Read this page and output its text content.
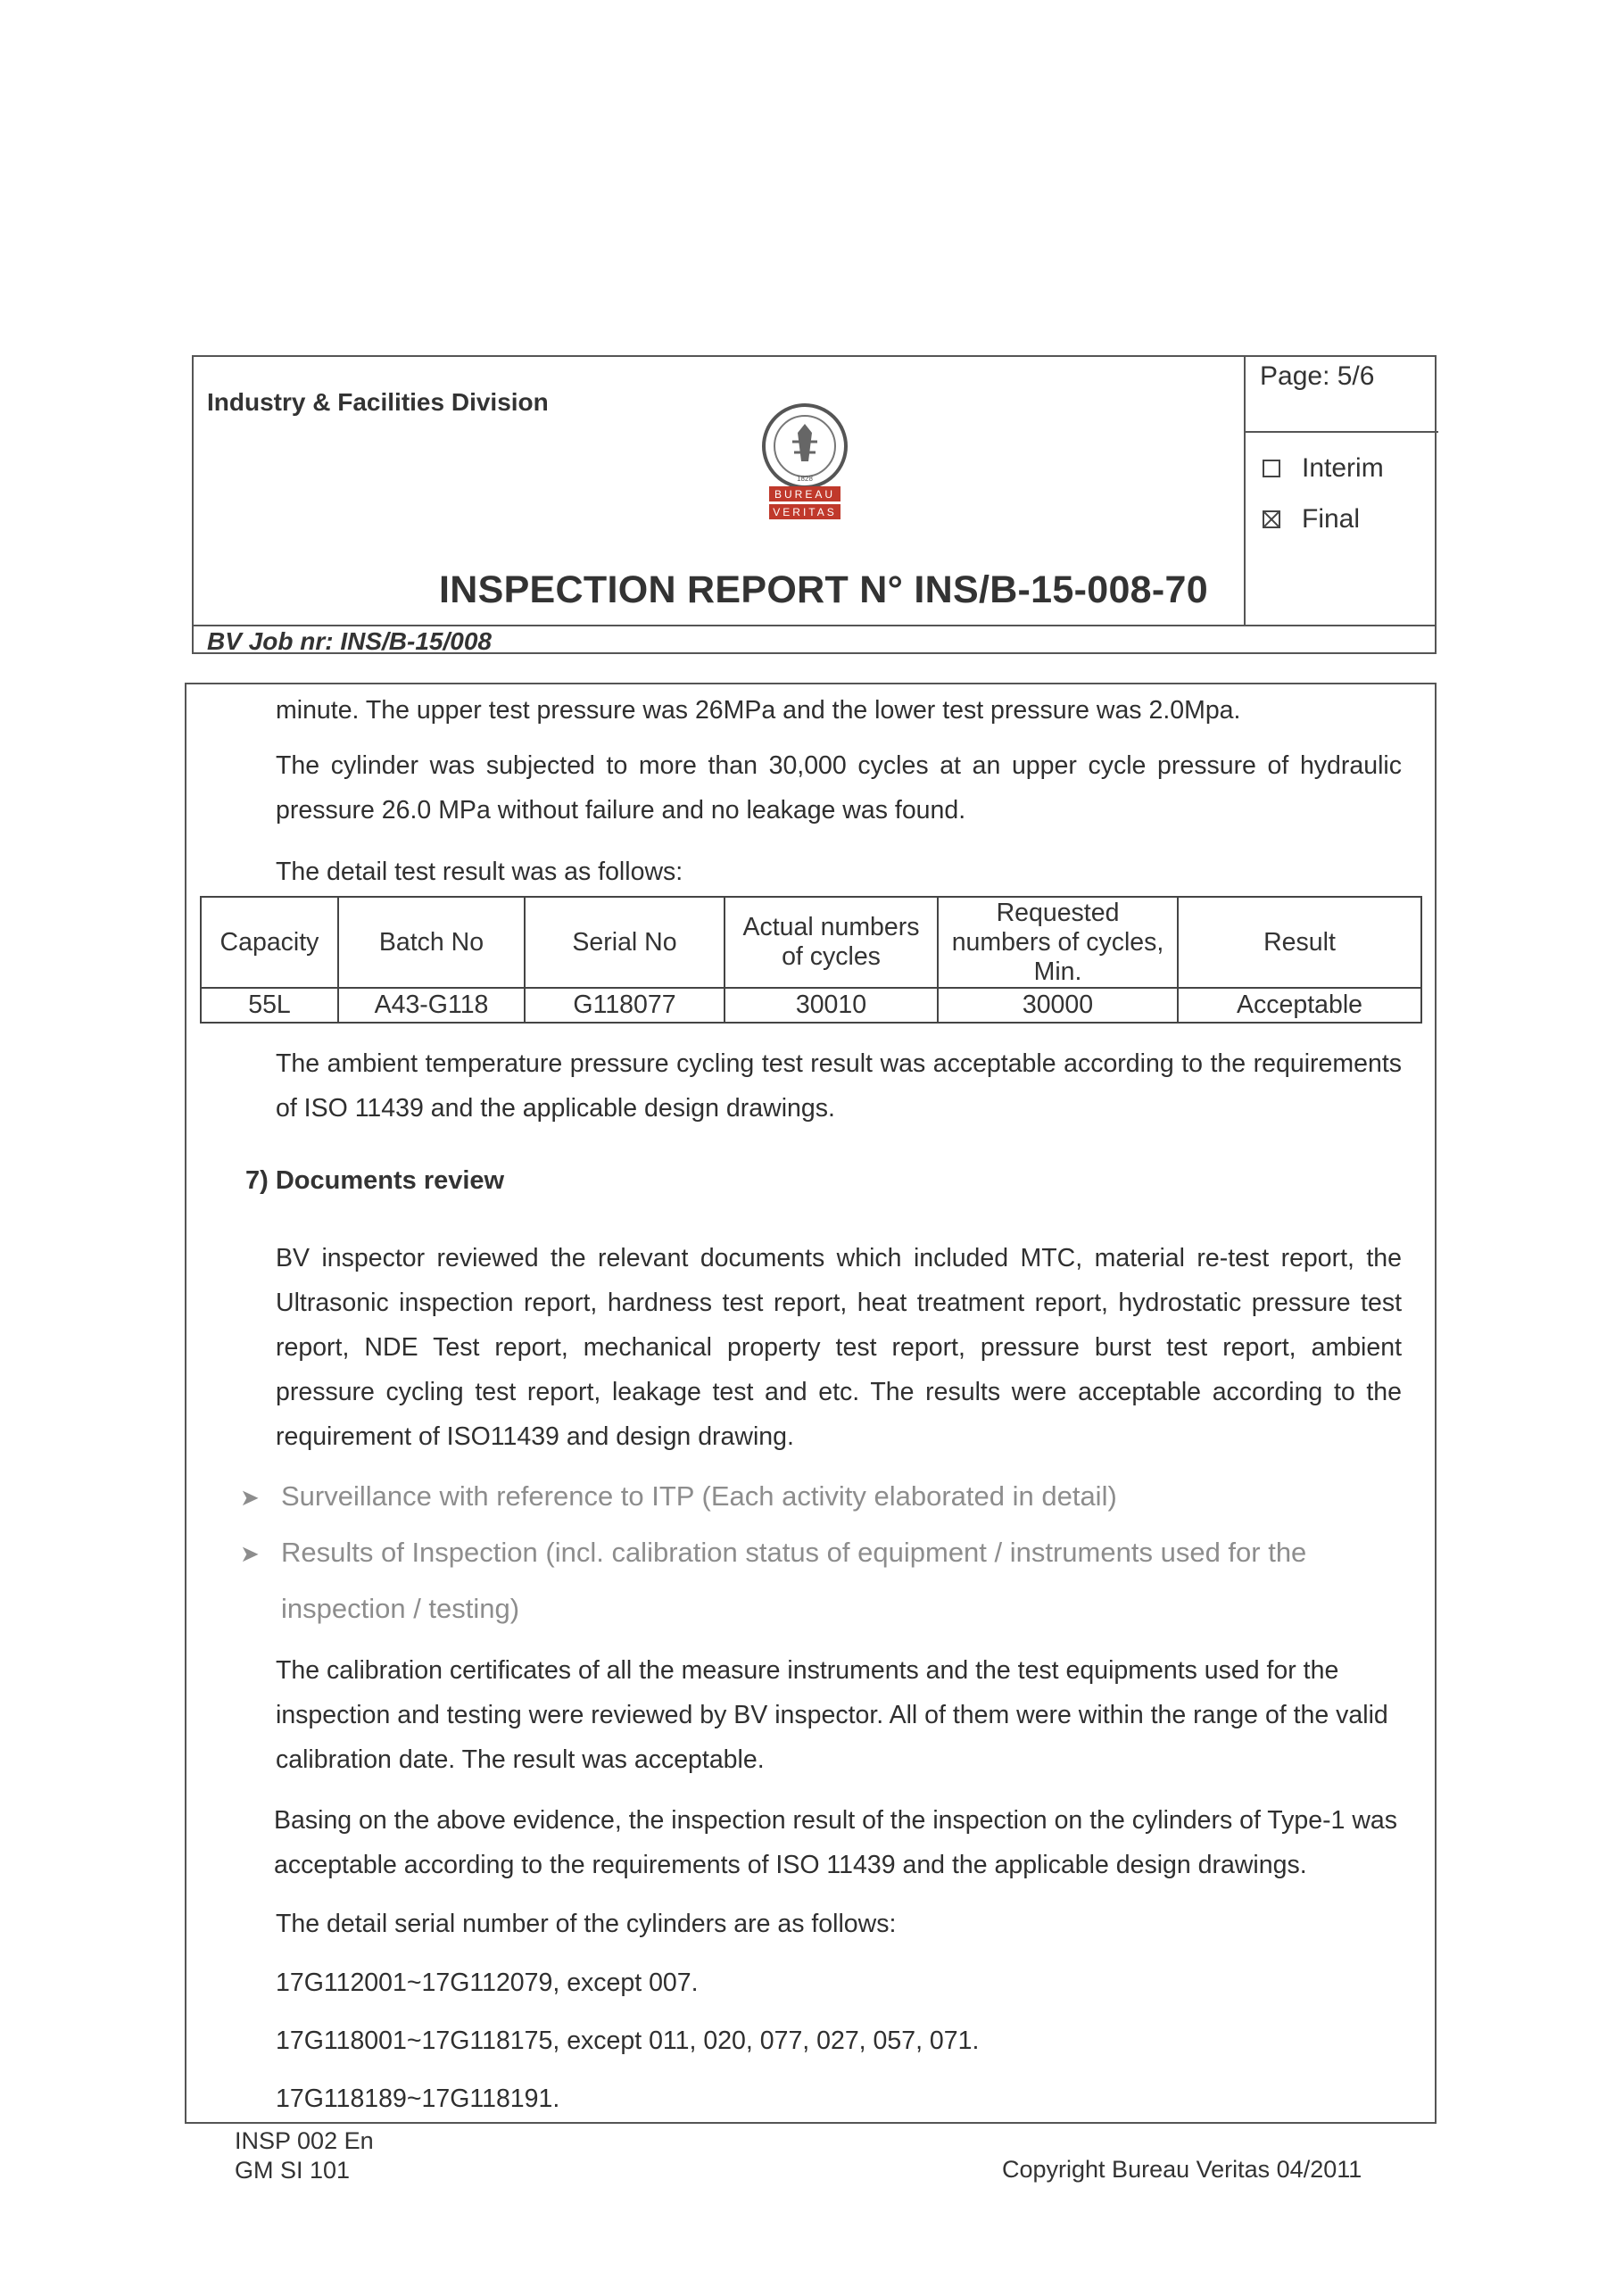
Industry & Facilities Division
BUREAU
VERITAS
1828
Page: 5/6
Interim
Final
INSPECTION REPORT N° INS/B-15-008-70
BV Job nr: INS/B-15/008

minute. The upper test pressure was 26MPa and the lower test pressure was 2.0Mpa.

The cylinder was subjected to more than 30,000 cycles at an upper cycle pressure of hydraulic pressure 26.0 MPa without failure and no leakage was found.

The detail test result was as follows:

Capacity	Batch No	Serial No	Actual numbers of cycles	Requested numbers of cycles, Min.	Result
55L	A43-G118	G118077	30010	30000	Acceptable

The ambient temperature pressure cycling test result was acceptable according to the requirements of ISO 11439 and the applicable design drawings.

7) Documents review

BV inspector reviewed the relevant documents which included MTC, material re-test report, the Ultrasonic inspection report, hardness test report, heat treatment report, hydrostatic pressure test report, NDE Test report, mechanical property test report, pressure burst test report, ambient pressure cycling test report, leakage test and etc. The results were acceptable according to the requirement of ISO11439 and design drawing.

➤ Surveillance with reference to ITP (Each activity elaborated in detail)
➤ Results of Inspection (incl. calibration status of equipment / instruments used for the
inspection / testing)

The calibration certificates of all the measure instruments and the test equipments used for the inspection and testing were reviewed by BV inspector. All of them were within the range of the valid calibration date. The result was acceptable.

Basing on the above evidence, the inspection result of the inspection on the cylinders of Type-1 was acceptable according to the requirements of ISO 11439 and the applicable design drawings.

The detail serial number of the cylinders are as follows:

17G112001~17G112079, except 007.

17G118001~17G118175, except 011, 020, 077, 027, 057, 071.

17G118189~17G118191.

INSP 002 En
GM SI 101	Copyright Bureau Veritas 04/2011
